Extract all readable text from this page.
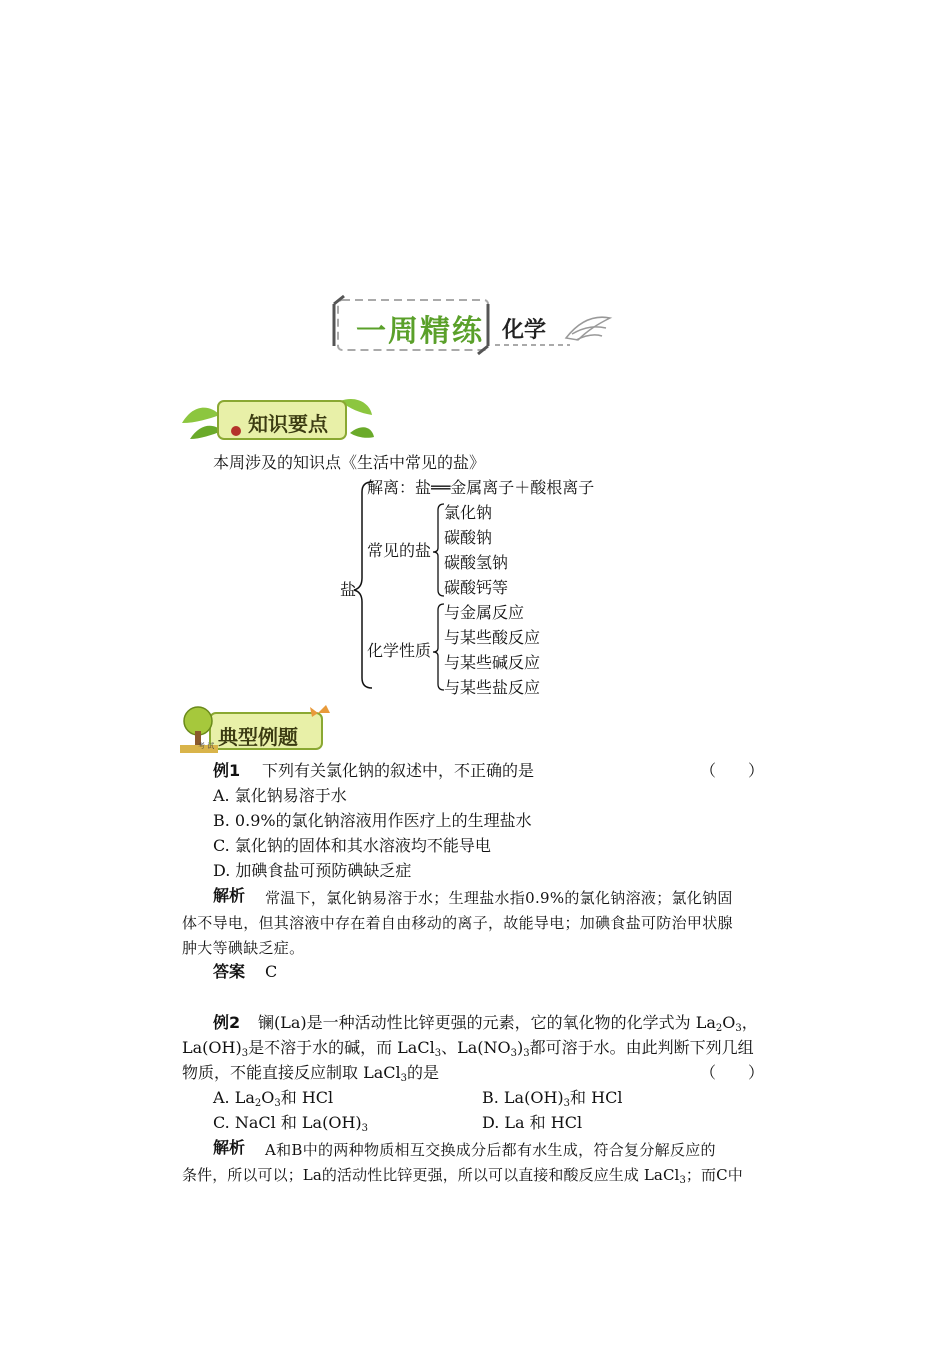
一周精练 化学
知识要点
本周涉及的知识点《生活中常见的盐》
盐
解离：盐══金属离子＋酸根离子
常见的盐
氯化钠
碳酸钠
碳酸氢钠
碳酸钙等
化学性质
与金属反应
与某些酸反应
与某些碱反应
与某些盐反应
典型例题
考 试
例1 下列有关氯化钠的叙述中，不正确的是	（　　）
A. 氯化钠易溶于水
B. 0.9%的氯化钠溶液用作医疗上的生理盐水
C. 氯化钠的固体和其水溶液均不能导电
D. 加碘食盐可预防碘缺乏症
解析 常温下，氯化钠易溶于水；生理盐水指0.9%的氯化钠溶液；氯化钠固
体不导电，但其溶液中存在着自由移动的离子，故能导电；加碘食盐可防治甲状腺
肿大等碘缺乏症。
答案 C
例2 镧(La)是一种活动性比锌更强的元素，它的氧化物的化学式为 $La_2O_3$，
$La(OH)_3$是不溶于水的碱，而 LaCl$_3$、$La(NO_3)_3$都可溶于水。由此判断下列几组
物质，不能直接反应制取 LaCl$_3$的是	（　　）
A. $La_2O_3$和 HCl	B. $La(OH)_3$和 HCl
C. NaCl 和 $La(OH)_3$	D. La 和 HCl
解析 A和B中的两种物质相互交换成分后都有水生成，符合复分解反应的
条件，所以可以；La的活动性比锌更强，所以可以直接和酸反应生成 LaCl$_3$；而C中
